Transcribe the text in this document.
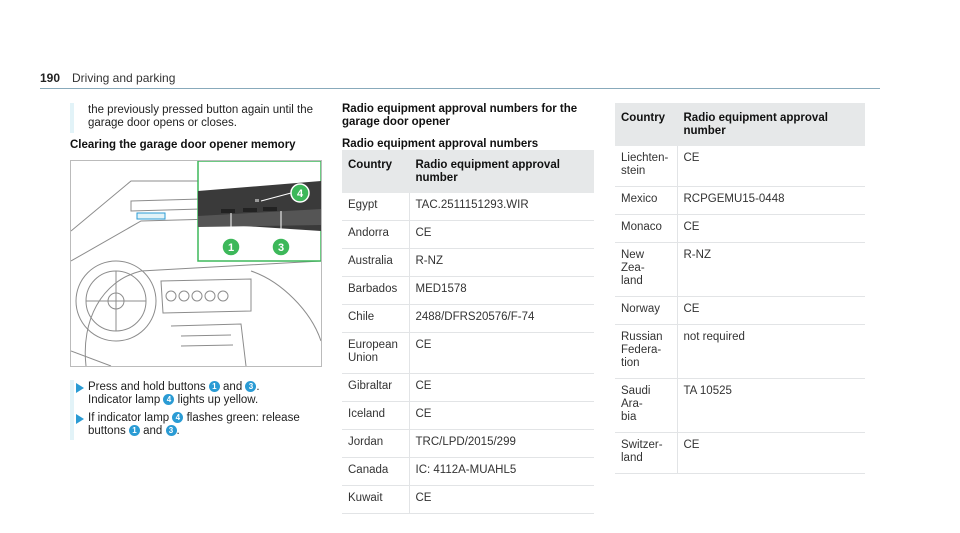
190 Driving and parking
the previously pressed button again until the garage door opens or closes.
Clearing the garage door opener memory
1	3
4
Press and hold buttons 1 and 3 .
Indicator lamp 4 lights up yellow.
If indicator lamp 4 flashes green: release buttons 1 and 3 .
Radio equipment approval numbers for the garage door opener
Radio equipment approval numbers
Country	Radio equipment approval number
Egypt	TAC.2511151293.WIR
Andorra	CE
Australia	R-NZ
Barbados	MED1578
Chile	2488/DFRS20576/F-74
European Union	CE
Gibraltar	CE
Iceland	CE
Jordan	TRC/LPD/2015/299
Canada	IC: 4112A-MUAHL5
Kuwait	CE
Country	Radio equipment approval number
Liechten-
stein	CE
Mexico	RCPGEMU15-0448
Monaco	CE
New Zea-
land	R-NZ
Norway	CE
Russian
Federa-
tion	not required
Saudi Ara-
bia	TA 10525
Switzer-
land	CE
